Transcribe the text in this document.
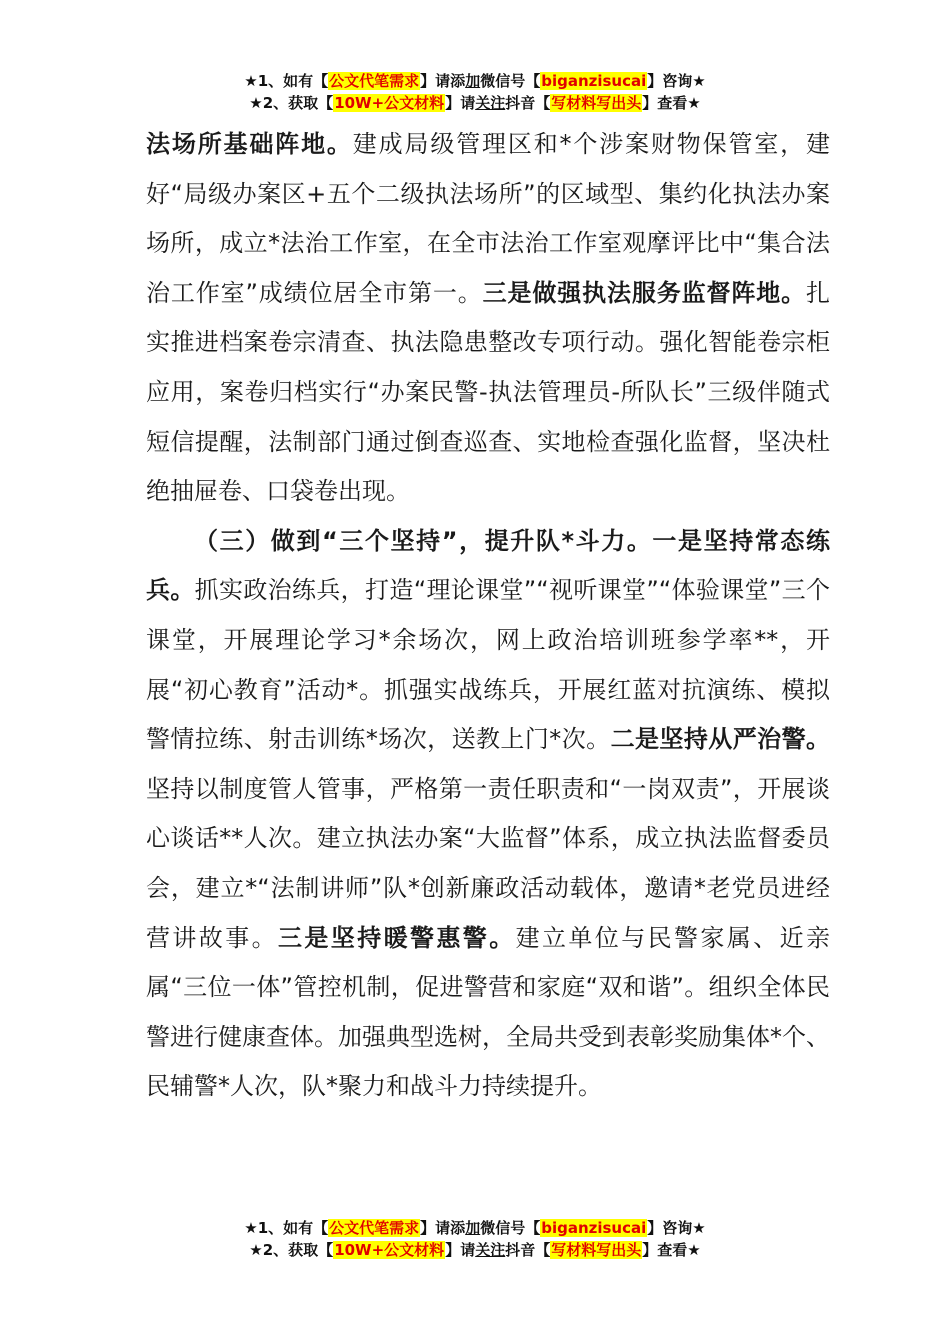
★1、如有【公文代笔需求】请添加微信号【biganzisucai】咨询★
★2、获取【10W+公文材料】请关注抖音【写材料写出头】查看★

法场所基础阵地。建成局级管理区和*个涉案财物保管室，建好“局级办案区+五个二级执法场所”的区域型、集约化执法办案场所，成立*法治工作室，在全市法治工作室观摩评比中“集合法治工作室”成绩位居全市第一。三是做强执法服务监督阵地。扎实推进档案卷宗清查、执法隐患整改专项行动。强化智能卷宗柜应用，案卷归档实行“办案民警-执法管理员-所队长”三级伴随式短信提醒，法制部门通过倒查巡查、实地检查强化监督，坚决杜绝抽屉卷、口袋卷出现。

（三）做到“三个坚持”，提升队*斗力。一是坚持常态练兵。抓实政治练兵，打造“理论课堂”“视听课堂”“体验课堂”三个课堂，开展理论学习*余场次，网上政治培训班参学率**，开展“初心教育”活动*。抓强实战练兵，开展红蓝对抗演练、模拟警情拉练、射击训练*场次，送教上门*次。二是坚持从严治警。坚持以制度管人管事，严格第一责任职责和“一岗双责”，开展谈心谈话**人次。建立执法办案“大监督”体系，成立执法监督委员会，建立*“法制讲师”队*创新廉政活动载体，邀请*老党员进经营讲故事。三是坚持暖警惠警。建立单位与民警家属、近亲属“三位一体”管控机制，促进警营和家庭“双和谐”。组织全体民警进行健康查体。加强典型选树，全局共受到表彰奖励集体*个、民辅警*人次，队*聚力和战斗力持续提升。

★1、如有【公文代笔需求】请添加微信号【biganzisucai】咨询★
★2、获取【10W+公文材料】请关注抖音【写材料写出头】查看★
